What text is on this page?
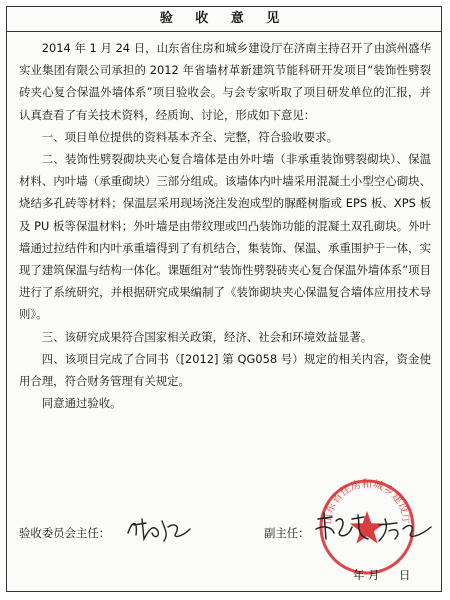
验 收 意 见

2014 年 1 月 24 日，山东省住房和城乡建设厅在济南主持召开了由滨州盛华实业集团有限公司承担的 2012 年省墙材革新建筑节能科研开发项目“装饰性劈裂砖夹心复合保温外墙体系”项目验收会。与会专家听取了项目研发单位的汇报，并认真查看了有关技术资料，经质询、讨论，形成如下意见：

一、项目单位提供的资料基本齐全、完整，符合验收要求。

二、装饰性劈裂砌块夹心复合墙体是由外叶墙（非承重装饰劈裂砌块）、保温材料、内叶墙（承重砌块）三部分组成。该墙体内叶墙采用混凝土小型空心砌块、烧结多孔砖等材料；保温层采用现场浇注发泡成型的脲醛树脂或 EPS 板、XPS 板及 PU 板等保温材料；外叶墙是由带纹理或凹凸装饰功能的混凝土双孔砌块。外叶墙通过拉结件和内叶承重墙得到了有机结合，集装饰、保温、承重围护于一体，实现了建筑保温与结构一体化。课题组对“装饰性劈裂砖夹心复合保温外墙体系”项目进行了系统研究，并根据研究成果编制了《装饰砌块夹心保温复合墙体应用技术导则》。

三、该研究成果符合国家相关政策，经济、社会和环境效益显著。

四、该项目完成了合同书（[2012] 第 QG058 号）规定的相关内容，资金使用合理，符合财务管理有关规定。

同意通过验收。

山东省住房和城乡建设厅
验收委员会主任：	副主任：
年 月 日
